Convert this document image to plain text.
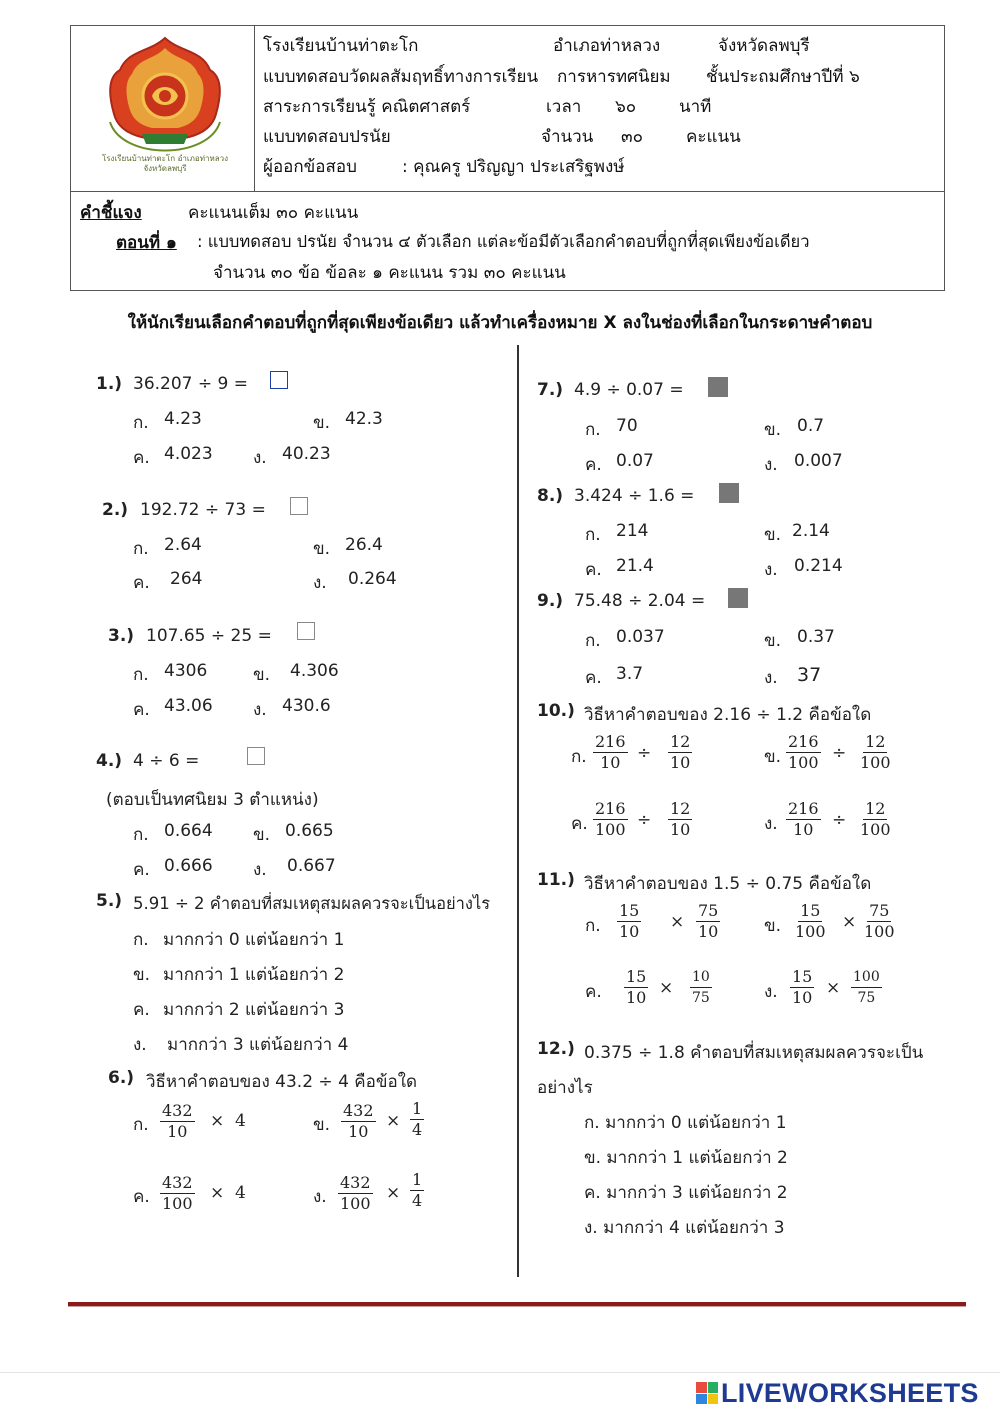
โรงเรียนบ้านท่าตะโก อำเภอท่าหลวง จังหวัดลพบุรี
โรงเรียนบ้านท่าตะโก	อำเภอท่าหลวง	จังหวัดลพบุรี
แบบทดสอบวัดผลสัมฤทธิ์ทางการเรียน การหารทศนิยม ชั้นประถมศึกษาปีที่ ๖
สาระการเรียนรู้ คณิตศาสตร์	เวลา ๖๐	นาที
แบบทดสอบปรนัย	จำนวน ๓๐	คะแนน
ผู้ออกข้อสอบ	: คุณครู ปริญญา ประเสริฐพงษ์
คำชี้แจง	คะแนนเต็ม ๓๐ คะแนน
ตอนที่ ๑ : แบบทดสอบ ปรนัย จำนวน ๔ ตัวเลือก แต่ละข้อมีตัวเลือกคำตอบที่ถูกที่สุดเพียงข้อเดียว
จำนวน ๓๐ ข้อ ข้อละ ๑ คะแนน รวม ๓๐ คะแนน
ให้นักเรียนเลือกคำตอบที่ถูกที่สุดเพียงข้อเดียว แล้วทำเครื่องหมาย X ลงในช่องที่เลือกในกระดาษคำตอบ
1.) 36.207 ÷ 9 =
ก. 4.23	ข. 42.3
ค. 4.023 ง. 40.23
2.) 192.72 ÷ 73 =
ก. 2.64	ข. 26.4
ค. 264	ง. 0.264
3.) 107.65 ÷ 25 =
ก. 4306	ข. 4.306
ค. 43.06 ง. 430.6
4.) 4 ÷ 6 =
(ตอบเป็นทศนิยม 3 ตำแหน่ง)
ก. 0.664 ข. 0.665
ค. 0.666 ง. 0.667
5.) 5.91 ÷ 2 คำตอบที่สมเหตุสมผลควรจะเป็นอย่างไร
ก. มากกว่า 0 แต่น้อยกว่า 1
ข. มากกว่า 1 แต่น้อยกว่า 2
ค. มากกว่า 2 แต่น้อยกว่า 3
ง. มากกว่า 3 แต่น้อยกว่า 4
6.) วิธีหาคำตอบของ 43.2 ÷ 4 คือข้อใด
ก. $\frac{432}{10} \times 4$	ข. $\frac{432}{10} \times \frac{1}{4}$
ค. $\frac{432}{100} \times 4$	ง. $\frac{432}{100} \times \frac{1}{4}$
7.) 4.9 ÷ 0.07 =
ก. 70	ข. 0.7
ค. 0.07	ง. 0.007
8.) 3.424 ÷ 1.6 =
ก. 214	ข. 2.14
ค. 21.4	ง. 0.214
9.) 75.48 ÷ 2.04 =
ก. 0.037	ข. 0.37
ค. 3.7	ง. 37
10.) วิธีหาคำตอบของ 2.16 ÷ 1.2 คือข้อใด
ก. $\frac{216}{10} \div \frac{12}{10}$	ข. $\frac{216}{100} \div \frac{12}{100}$
ค. $\frac{216}{100} \div \frac{12}{10}$	ง. $\frac{216}{10} \div \frac{12}{100}$
11.) วิธีหาคำตอบของ 1.5 ÷ 0.75 คือข้อใด
ก. $\frac{15}{10} \times \frac{75}{10}$	ข. $\frac{15}{100} \times \frac{75}{100}$
ค. $\frac{15}{10} \times \frac{10}{75}$	ง. $\frac{15}{10} \times \frac{100}{75}$
12.) 0.375 ÷ 1.8 คำตอบที่สมเหตุสมผลควรจะเป็น
อย่างไร
ก. มากกว่า 0 แต่น้อยกว่า 1
ข. มากกว่า 1 แต่น้อยกว่า 2
ค. มากกว่า 3 แต่น้อยกว่า 2
ง. มากกว่า 4 แต่น้อยกว่า 3
LIVEWORKSHEETS
